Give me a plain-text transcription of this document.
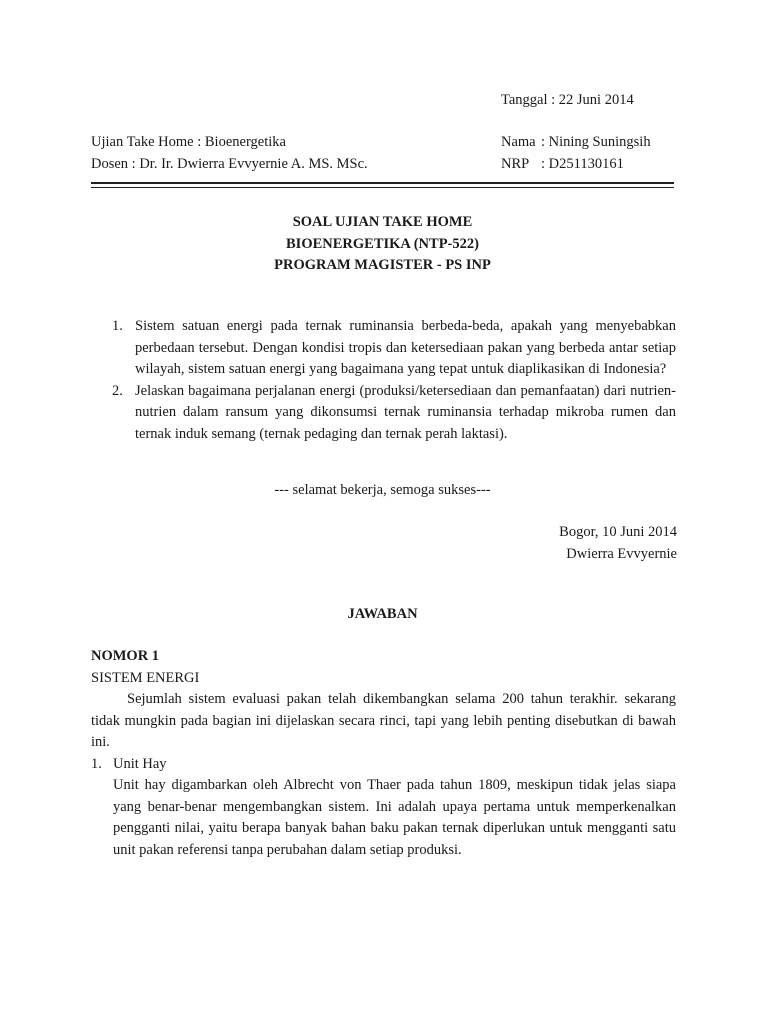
Tanggal : 22 Juni 2014
Ujian Take Home : Bioenergetika
Dosen : Dr. Ir. Dwierra Evvyernie A. MS. MSc.
Nama : Nining Suningsih
NRP : D251130161
SOAL UJIAN TAKE HOME
BIOENERGETIKA (NTP-522)
PROGRAM MAGISTER - PS INP
1. Sistem satuan energi pada ternak ruminansia berbeda-beda, apakah yang menyebabkan perbedaan tersebut. Dengan kondisi tropis dan ketersediaan pakan yang berbeda antar setiap wilayah, sistem satuan energi yang bagaimana yang tepat untuk diaplikasikan di Indonesia?
2. Jelaskan bagaimana perjalanan energi (produksi/ketersediaan dan pemanfaatan) dari nutrien-nutrien dalam ransum yang dikonsumsi ternak ruminansia terhadap mikroba rumen dan ternak induk semang (ternak pedaging dan ternak perah laktasi).
--- selamat bekerja, semoga sukses---
Bogor, 10 Juni 2014
Dwierra Evvyernie
JAWABAN
NOMOR 1
SISTEM ENERGI
Sejumlah sistem evaluasi pakan telah dikembangkan selama 200 tahun terakhir. sekarang tidak mungkin pada bagian ini dijelaskan secara rinci, tapi yang lebih penting disebutkan di bawah ini.
1. Unit Hay
Unit hay digambarkan oleh Albrecht von Thaer pada tahun 1809, meskipun tidak jelas siapa yang benar-benar mengembangkan sistem. Ini adalah upaya pertama untuk memperkenalkan pengganti nilai, yaitu berapa banyak bahan baku pakan ternak diperlukan untuk mengganti satu unit pakan referensi tanpa perubahan dalam setiap produksi.
